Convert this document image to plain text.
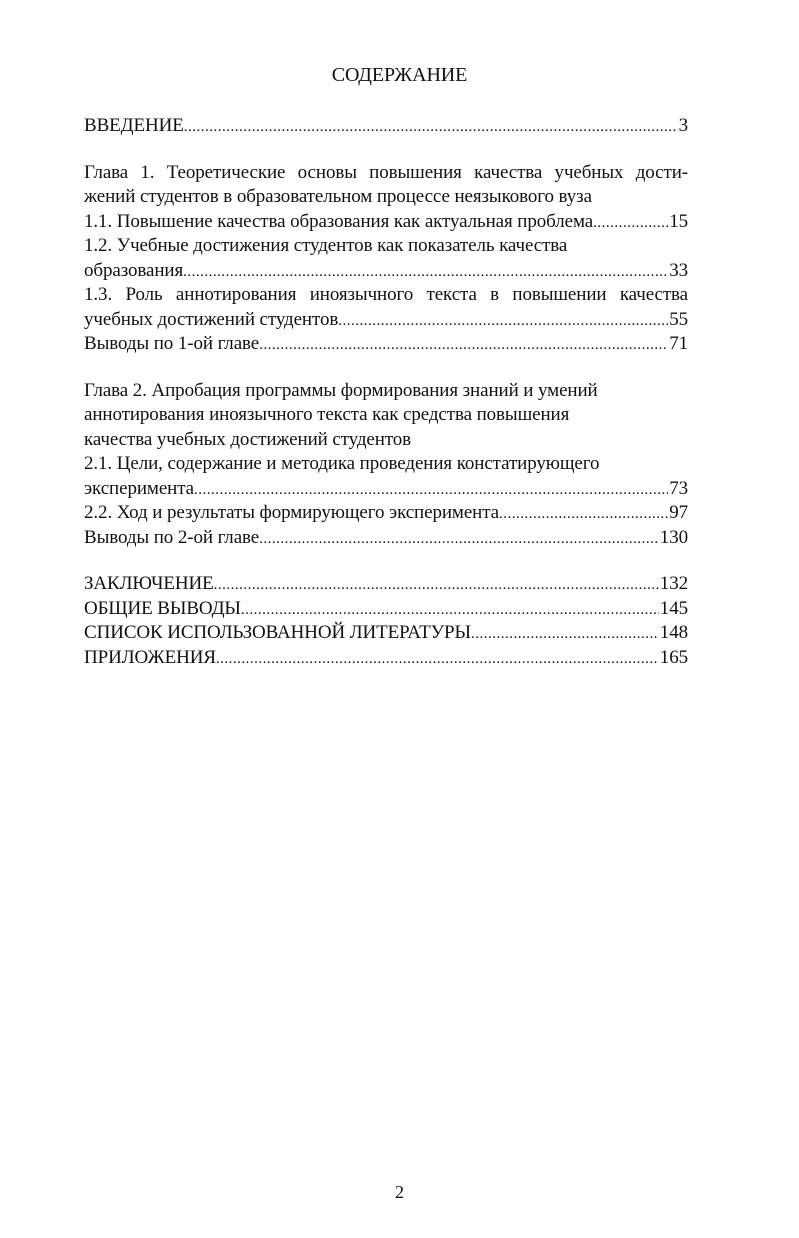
СОДЕРЖАНИЕ
ВВЕДЕНИЕ .....	3
Глава 1. Теоретические основы повышения качества учебных дости-
жений студентов в образовательном процессе неязыкового вуза
1.1. Повышение качества образования как актуальная проблема .....	15
1.2. Учебные достижения студентов как показатель качества
образования .....	33
1.3. Роль аннотирования иноязычного текста в повышении качества
учебных достижений студентов .....	55
Выводы по 1-ой главе .....	71
Глава 2. Апробация программы формирования знаний и умений
аннотирования иноязычного текста как средства повышения
качества учебных достижений студентов
2.1. Цели, содержание и методика проведения констатирующего
эксперимента .....	73
2.2. Ход и результаты формирующего эксперимента .....	97
Выводы по 2-ой главе .....	130
ЗАКЛЮЧЕНИЕ .....	132
ОБЩИЕ ВЫВОДЫ .....	145
СПИСОК ИСПОЛЬЗОВАННОЙ ЛИТЕРАТУРЫ .....	148
ПРИЛОЖЕНИЯ .....	165
2
